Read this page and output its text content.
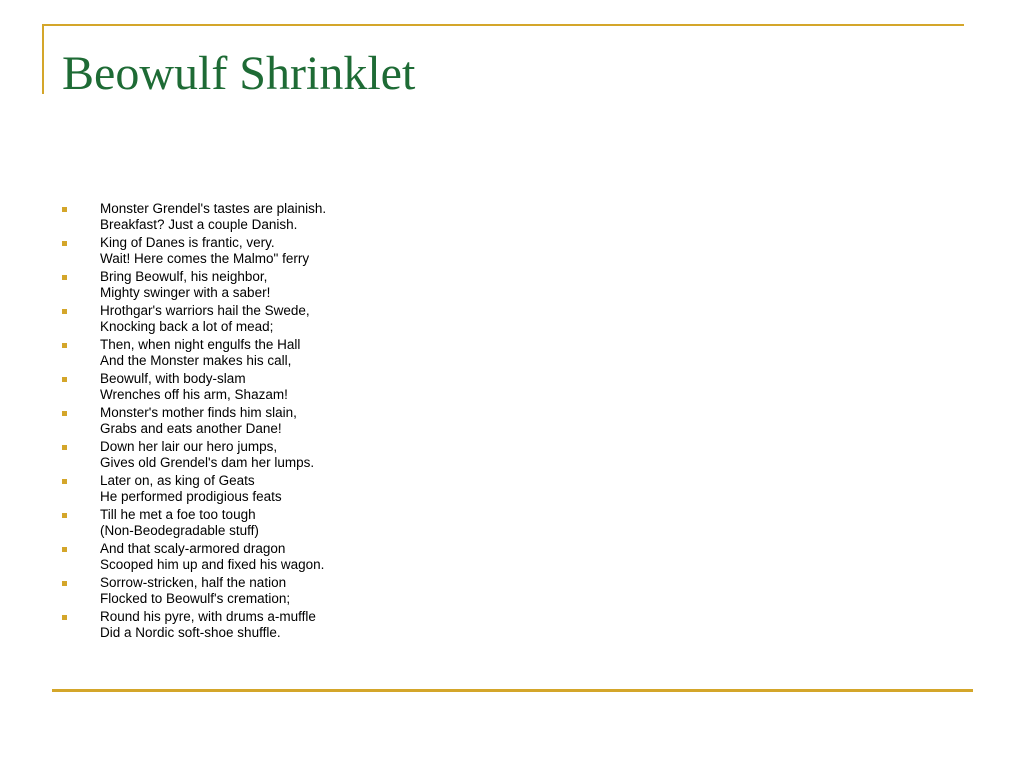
Beowulf Shrinklet
Monster Grendel's tastes are plainish.
Breakfast? Just a couple Danish.
King of Danes is frantic, very.
Wait! Here comes the Malmo" ferry
Bring Beowulf, his neighbor,
Mighty swinger with a saber!
Hrothgar's warriors hail the Swede,
Knocking back a lot of mead;
Then, when night engulfs the Hall
And the Monster makes his call,
Beowulf, with body-slam
Wrenches off his arm, Shazam!
Monster's mother finds him slain,
Grabs and eats another Dane!
Down her lair our hero jumps,
Gives old Grendel's dam her lumps.
Later on, as king of Geats
He performed prodigious feats
Till he met a foe too tough
(Non-Beodegradable stuff)
And that scaly-armored dragon
Scooped him up and fixed his wagon.
Sorrow-stricken, half the nation
Flocked to Beowulf's cremation;
Round his pyre, with drums a-muffle
Did a Nordic soft-shoe shuffle.
